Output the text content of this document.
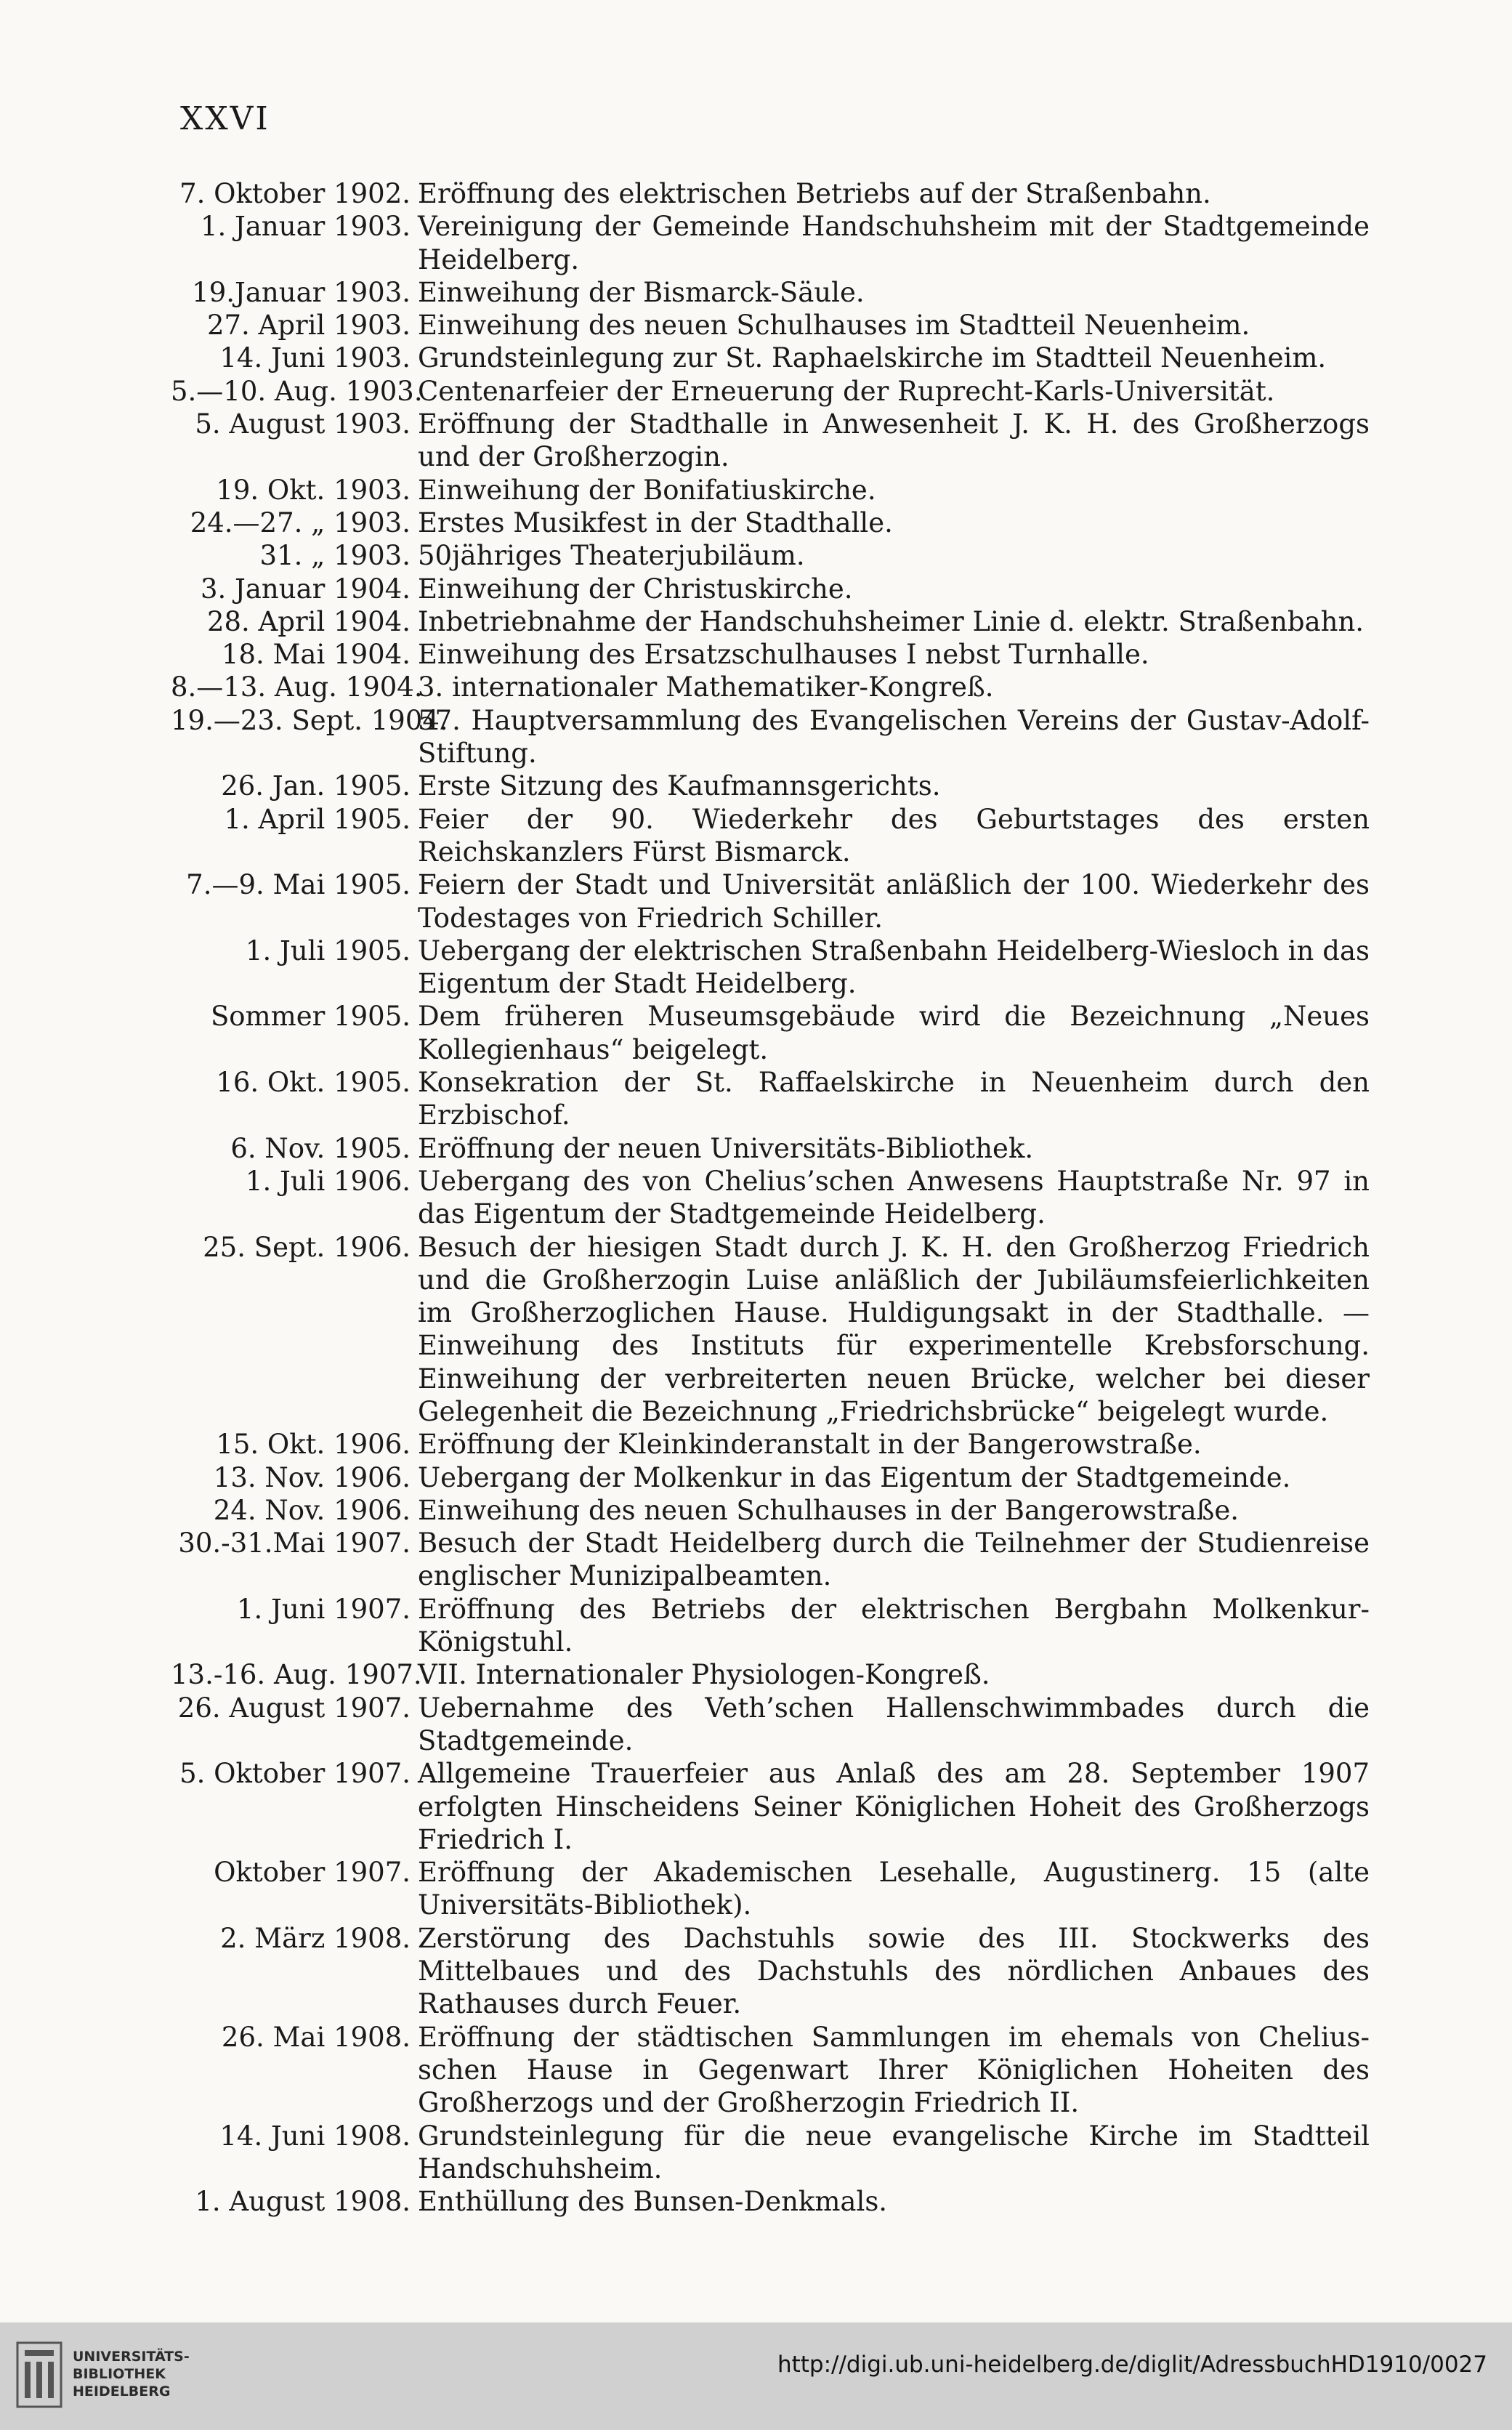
XXVI
7. Oktober 1902. Eröffnung des elektrischen Betriebs auf der Straßenbahn.
1. Januar 1903. Vereinigung der Gemeinde Handschuhsheim mit der Stadtgemeinde Heidelberg.
19.Januar 1903. Einweihung der Bismarck-Säule.
27. April 1903. Einweihung des neuen Schulhauses im Stadtteil Neuenheim.
14. Juni 1903. Grundsteinlegung zur St. Raphaelskirche im Stadtteil Neuenheim.
5.—10. Aug. 1903.
Centenarfeier der Erneuerung der Ruprecht-Karls-Universität.
5. August 1903. Eröffnung der Stadthalle in Anwesenheit J. K. H. des Großherzogs und der Großherzogin.
19. Okt. 1903. Einweihung der Bonifatiuskirche.
24.—27. „ 1903. Erstes Musikfest in der Stadthalle.
31. „ 1903. 50jähriges Theaterjubiläum.
3. Januar 1904. Einweihung der Christuskirche.
28. April 1904. Inbetriebnahme der Handschuhsheimer Linie d. elektr. Straßenbahn.
18. Mai 1904. Einweihung des Ersatzschulhauses I nebst Turnhalle.
8.—13. Aug. 1904.
3. internationaler Mathematiker-Kongreß.
19.—23. Sept. 1904.
57. Hauptversammlung des Evangelischen Vereins der Gustav-Adolf-Stiftung.
26. Jan. 1905. Erste Sitzung des Kaufmannsgerichts.
1. April 1905. Feier der 90. Wiederkehr des Geburtstages des ersten Reichskanzlers Fürst Bismarck.
7.—9. Mai 1905. Feiern der Stadt und Universität anläßlich der 100. Wiederkehr des Todestages von Friedrich Schiller.
1. Juli 1905. Uebergang der elektrischen Straßenbahn Heidelberg-Wiesloch in das Eigentum der Stadt Heidelberg.
Sommer 1905. Dem früheren Museumsgebäude wird die Bezeichnung „Neues Kollegienhaus“ beigelegt.
16. Okt. 1905. Konsekration der St. Raffaelskirche in Neuenheim durch den Erzbischof.
6. Nov. 1905. Eröffnung der neuen Universitäts-Bibliothek.
1. Juli 1906. Uebergang des von Chelius’schen Anwesens Hauptstraße Nr. 97 in das Eigentum der Stadtgemeinde Heidelberg.
25. Sept. 1906. Besuch der hiesigen Stadt durch J. K. H. den Großherzog Friedrich und die Großherzogin Luise anläßlich der Jubiläumsfeierlichkeiten im Großherzoglichen Hause. Huldigungsakt in der Stadthalle. — Einweihung des Instituts für experimentelle Krebsforschung. Einweihung der verbreiterten neuen Brücke, welcher bei dieser Gelegenheit die Bezeichnung „Friedrichsbrücke“ beigelegt wurde.
15. Okt. 1906. Eröffnung der Kleinkinderanstalt in der Bangerowstraße.
13. Nov. 1906. Uebergang der Molkenkur in das Eigentum der Stadtgemeinde.
24. Nov. 1906. Einweihung des neuen Schulhauses in der Bangerowstraße.
30.-31.Mai 1907. Besuch der Stadt Heidelberg durch die Teilnehmer der Studienreise englischer Munizipalbeamten.
1. Juni 1907. Eröffnung des Betriebs der elektrischen Bergbahn Molkenkur-Königstuhl.
13.-16. Aug. 1907.
VII. Internationaler Physiologen-Kongreß.
26. August 1907. Uebernahme des Veth’schen Hallenschwimmbades durch die Stadtgemeinde.
5. Oktober 1907. Allgemeine Trauerfeier aus Anlaß des am 28. September 1907 erfolgten Hinscheidens Seiner Königlichen Hoheit des Großherzogs Friedrich I.
Oktober 1907. Eröffnung der Akademischen Lesehalle, Augustinerg. 15 (alte Universitäts-Bibliothek).
2. März 1908. Zerstörung des Dachstuhls sowie des III. Stockwerks des Mittelbaues und des Dachstuhls des nördlichen Anbaues des Rathauses durch Feuer.
26. Mai 1908. Eröffnung der städtischen Sammlungen im ehemals von Chelius-schen Hause in Gegenwart Ihrer Königlichen Hoheiten des Großherzogs und der Großherzogin Friedrich II.
14. Juni 1908. Grundsteinlegung für die neue evangelische Kirche im Stadtteil Handschuhsheim.
1. August 1908. Enthüllung des Bunsen-Denkmals.
UNIVERSITÄTS-
BIBLIOTHEK
HEIDELBERG
http://digi.ub.uni-heidelberg.de/diglit/AdressbuchHD1910/0027
